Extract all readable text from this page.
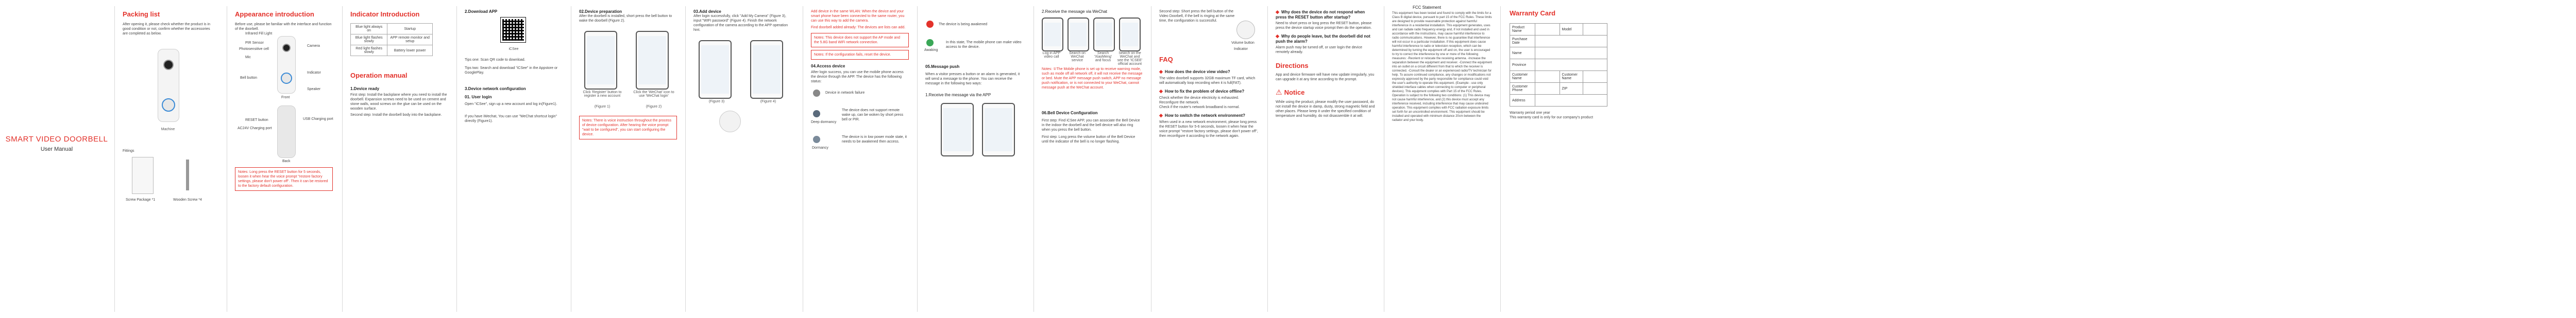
SMART VIDEO DOORBELL
User Manual
Packing list

After opening it, please check whether the product is in good condition or not, confirm whether the accessories are completed as below.

Machine
Fittings
Screw Package *1	Wooden Screw *4
Appearance introduction

Before use, please be familiar with the interface and function of the doorbell.

Infrared Fill Light
PIR Sensor
Photosensitive cell
Camera
Mic
Bell button
Indicator
Speaker
Front
RESET button	USB Charging port
AC24V Charging port
Back
Notes: Long press the RESET button for 5 seconds, loosen it when hear the voice prompt "restore factory settings, please don't power off". Then it can be restored to the factory default configuration.
Indicator Introduction
Blue light always on	Startup
Blue light flashes slowly	APP remote monitor and setup
Red light flashes slowly	Battery lower power
Operation manual
1.Device ready

First step: Install the backplane where you need to install the doorbell. Expansion screws need to be used on cement and stone walls, wood screws on the glue can be used on the wooden surface.

Second step: Install the doorbell body into the backplane.

2.Download APP
iCSee

Tips one: Scan QR code to download.

Tips two: Search and download "iCSee" in the Appstore or GooglePlay.

3.Device network configuration
01. User login

Open "iCSee", sign up a new account and log in(Figure1).

If you have iWechat, You can use "WeChat shortcut login" directly (Figure1).

02.Device preparation

After the doorbell is installed, short press the bell button to wake the doorbell (Figure 2).

Click 'Register' button to register a new account
Click the 'WeChat' icon to use 'WeChat login'
(Figure 1)	(Figure 2)
Notes: There is voice instruction throughout the process of device configuration. After hearing the voice prompt "wait to be configured", you can start configuring the device.
03.Add device

After login successfully, click "Add My Camera" (Figure 3), input "WIFI password" (Figure 4). Finish the network configuration of the camera according to the APP operation hint.

(Figure 3)	(Figure 4)

Add device in the same WLAN: When the device and your smart phone have been connected to the same router, you can use this way to add the camera.

Find doorbell added already: The devices are lists can add.

Notes: This device does not support the AP mode and the 5.8G band WiFi network connection.
Notes: If the configuration fails, reset the device.
04.Access device

After login success, you can use the mobile phone access the device through the APP. The device has the following status:

Device in network failure
Deep dormancy

The device does not support remote wake up, can be woken by short press bell or PIR.

Dormancy

The device is in low power mode state, it needs to be awakened then access.

The device is being awakened
Awaking

In this state, The mobile phone can make video access to the device.

05.Message push

When a visitor presses a button or an alarm is generated, it will send a message to the phone. You can receive the message in the following two ways:

1.Receive the message via the APP
2.Receive the message via WeChat
Log in APP video call
Search on WeChat service
Search 'XiaoMeng' and focus
Search on the WeChat and see the 'ICSEE' official account

Notes: ①The Mobile phone is set up to receive warning mode, such as mode off all network off, it will not receive the message or bed. Mute the APP message push switch, APP no message push notification, or is not connected to your WeChat, cannot message push at the WeChat account.

06.Bell Device Configuration

First step: Find iCSee APP, you can associate the Bell Device in the indoor the doorbell and the bell device will also ring when you press the bell button.

First step: Long press the volume button of the Bell Device until the indicator of the bell is no longer flashing.

Second step: Short press the bell button of the Video Doorbell, if the bell is ringing at the same time, the configuration is successful.

Volume button
Indicator
FAQ
◆ How does the device view video?

The video doorbell supports 32GB maximum TF card, which will automatically loop recording when it is full(FAT).

◆ How to fix the problem of device offline?

Check whether the device electricity is exhausted.

Reconfigure the network.

Check if the router's network broadband is normal.

◆ How to switch the network environment?

When used in a new network environment, please long press the RESET button for 5-6 seconds, loosen it when hear the voice prompt "restore factory settings, please don't power off", then reconfigure it according to the network again.

◆ Why does the device do not respond when press the RESET button after startup?

Need to short press or long press the RESET button, please press the device startup voice prompt then do the operation.

◆ Why do people leave, but the doorbell did not push the alarm?

Alarm push may be turned off, or user login the device remotely already.

Directions

App and device firmware will have new update irregularly, you can upgrade it at any time according to the prompt.

⚠ Notice

While using the product, please modify the user password, do not install the device in damp, dusty, strong magnetic field and other places. Please keep it under the specified condition of temperature and humidity, do not disassemble it at will.

FCC Statement

This equipment has been tested and found to comply with the limits for a Class B digital device, pursuant to part 15 of the FCC Rules. These limits are designed to provide reasonable protection against harmful interference in a residential installation. This equipment generates, uses and can radiate radio frequency energy and, if not installed and used in accordance with the instructions, may cause harmful interference to radio communications. However, there is no guarantee that interference will not occur in a particular installation. If this equipment does cause harmful interference to radio or television reception, which can be determined by turning the equipment off and on, the user is encouraged to try to correct the interference by one or more of the following measures: -Reorient or relocate the receiving antenna. -Increase the separation between the equipment and receiver. -Connect the equipment into an outlet on a circuit different from that to which the receiver is connected. -Consult the dealer or an experienced radio/TV technician for help. To assure continued compliance, any changes or modifications not expressly approved by the party responsible for compliance could void the user's authority to operate this equipment. (Example - use only shielded interface cables when connecting to computer or peripheral devices). This equipment complies with Part 15 of the FCC Rules. Operation is subject to the following two conditions: (1) This device may not cause harmful interference, and (2) this device must accept any interference received, including interference that may cause undesired operation. This equipment complies with FCC radiation exposure limits set forth for an uncontrolled environment. This equipment should be installed and operated with minimum distance 20cm between the radiator and your body.

Warranty Card
Product Name		Model	
Purchase Date			
Name			
Province			
Customer Name		Customer Name	
Customer Phone		ZIP	
Address			

Warranty period one year

This warranty card is only for our company's product
